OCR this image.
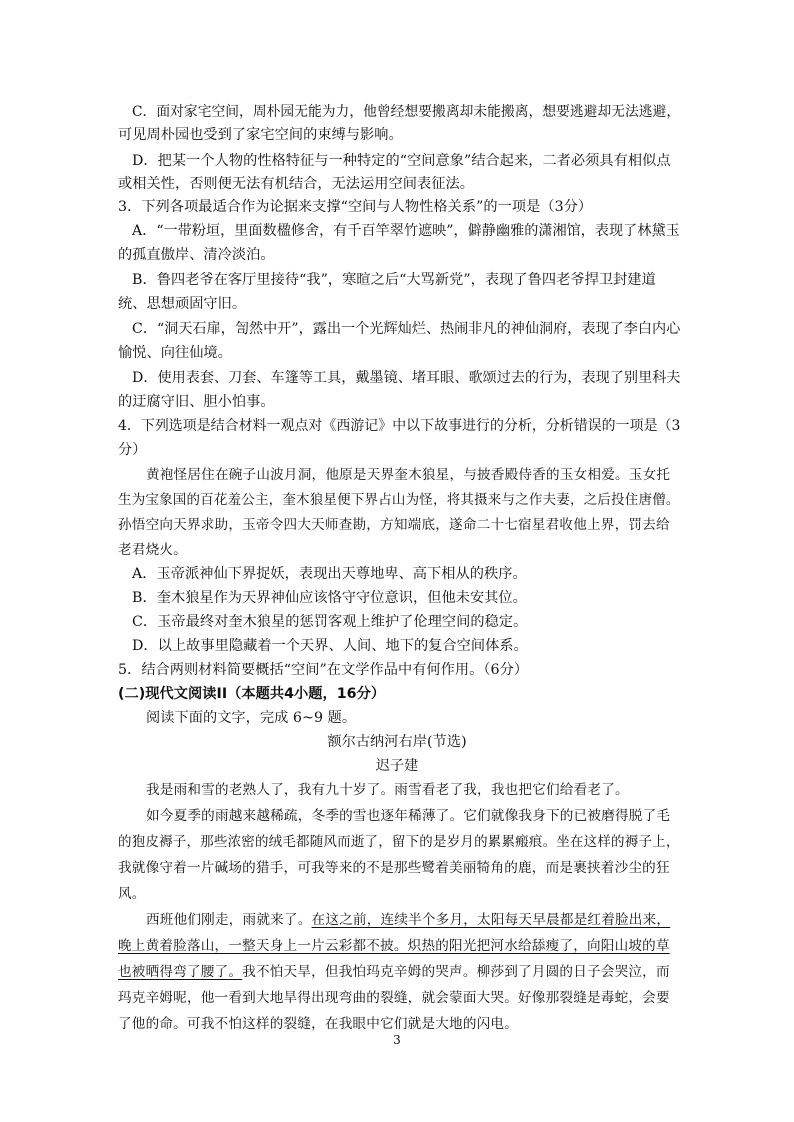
C．面对家宅空间，周朴园无能为力，他曾经想要搬离却未能搬离，想要逃避却无法逃避，
可见周朴园也受到了家宅空间的束缚与影响。
D．把某一个人物的性格特征与一种特定的“空间意象”结合起来，二者必须具有相似点
或相关性，否则便无法有机结合，无法运用空间表征法。
3．下列各项最适合作为论据来支撑“空间与人物性格关系”的一项是（3分）
A．“一带粉垣，里面数楹修舍，有千百竿翠竹遮映”，僻静幽雅的潇湘馆，表现了林黛玉
的孤直傲岸、清冷淡泊。
B．鲁四老爷在客厅里接待“我”，寒暄之后“大骂新党”，表现了鲁四老爷捍卫封建道
统、思想顽固守旧。
C．“洞天石扉，訇然中开”，露出一个光辉灿烂、热闹非凡的神仙洞府，表现了李白内心
愉悦、向往仙境。
D．使用表套、刀套、车篷等工具，戴墨镜、堵耳眼、歌颂过去的行为，表现了别里科夫
的迂腐守旧、胆小怕事。
4．下列选项是结合材料一观点对《西游记》中以下故事进行的分析，分析错误的一项是（3
分）
黄袍怪居住在碗子山波月洞，他原是天界奎木狼星，与披香殿侍香的玉女相爱。玉女托
生为宝象国的百花羞公主，奎木狼星便下界占山为怪，将其摄来与之作夫妻，之后投住唐僧。
孙悟空向天界求助，玉帝令四大天师查勘，方知端底，遂命二十七宿星君收他上界，罚去给
老君烧火。
A．玉帝派神仙下界捉妖，表现出天尊地卑、高下相从的秩序。
B．奎木狼星作为天界神仙应该恪守守位意识，但他未安其位。
C．玉帝最终对奎木狼星的惩罚客观上维护了伦理空间的稳定。
D．以上故事里隐藏着一个天界、人间、地下的复合空间体系。
5．结合两则材料简要概括“空间”在文学作品中有何作用。（6分）
(二)现代文阅读II（本题共4小题，16分）
阅读下面的文字，完成 6~9 题。
额尔古纳河右岸(节选)
迟子建
我是雨和雪的老熟人了，我有九十岁了。雨雪看老了我，我也把它们给看老了。
如今夏季的雨越来越稀疏，冬季的雪也逐年稀薄了。它们就像我身下的已被磨得脱了毛
的狍皮褥子，那些浓密的绒毛都随风而逝了，留下的是岁月的累累瘢痕。坐在这样的褥子上，
我就像守着一片碱场的猎手，可我等来的不是那些鹭着美丽犄角的鹿，而是裹挟着沙尘的狂
风。
西班他们刚走，雨就来了。在这之前，连续半个多月，太阳每天早晨都是红着脸出来，
晚上黄着脸落山，一整天身上一片云彩都不披。炽热的阳光把河水给舔瘦了，向阳山坡的草
也被晒得弯了腰了。我不怕天旱，但我怕玛克辛姆的哭声。柳莎到了月圆的日子会哭泣，而
玛克辛姆呢，他一看到大地旱得出现弯曲的裂缝，就会蒙面大哭。好像那裂缝是毒蛇，会要
了他的命。可我不怕这样的裂缝，在我眼中它们就是大地的闪电。
3
